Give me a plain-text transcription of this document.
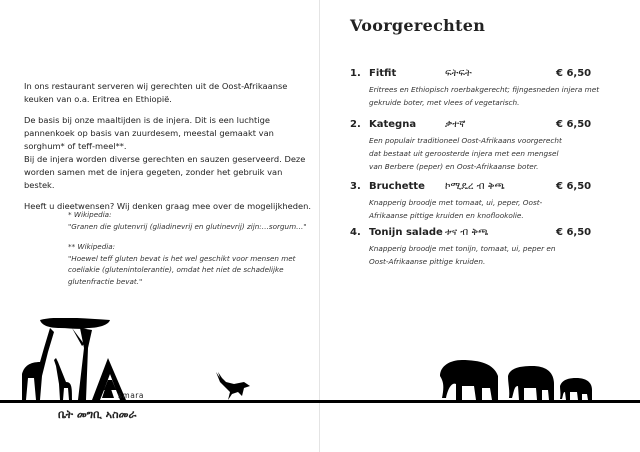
In ons restaurant serveren wij gerechten uit de Oost-Afrikaanse keuken van o.a. Eritrea en Ethiopië.

De basis bij onze maaltijden is de injera. Dit is een luchtige pannenkoek op basis van zuurdesem, meestal gemaakt van sorghum* of teff-meel**.

Bij de injera worden diverse gerechten en sauzen geserveerd. Deze worden samen met de injera gegeten, zonder het gebruik van bestek.

Heeft u dieetwensen? Wij denken graag mee over de mogelijkheden.

* Wikipedia:
"Granen die glutenvrij (gliadinevrij en glutinevrij) zijn:…sorgum…"

** Wikipedia:
"Hoewel teff gluten bevat is het wel geschikt voor mensen met coeliakie (glutenintolerantie), omdat het niet de schadelijke glutenfractie bevat."

Voorgerechten
1. Fitfit	ፍትፍት	€ 6,50
Eritrees en Ethiopisch roerbakgerecht; fijngesneden injera met gekruide boter, met vlees of vegetarisch.
2. Kategna	ቃተኛ	€ 6,50
Een populair traditioneel Oost-Afrikaans voorgerecht dat bestaat uit geroosterde injera met een mengsel van Berbere (peper) en Oost-Afrikaanse boter.
3. Bruchette	ኮሚዴረ ብ ቅጫ	€ 6,50
Knapperig broodje met tomaat, ui, peper, Oost-Afrikaanse pittige kruiden en knoflookolie.
4. Tonijn salade ቱና ብ ቅጫ	€ 6,50
Knapperig broodje met tonijn, tomaat, ui, peper en Oost-Afrikaanse pittige kruiden.
smara
ቤት መግቢ ኣስመራ
